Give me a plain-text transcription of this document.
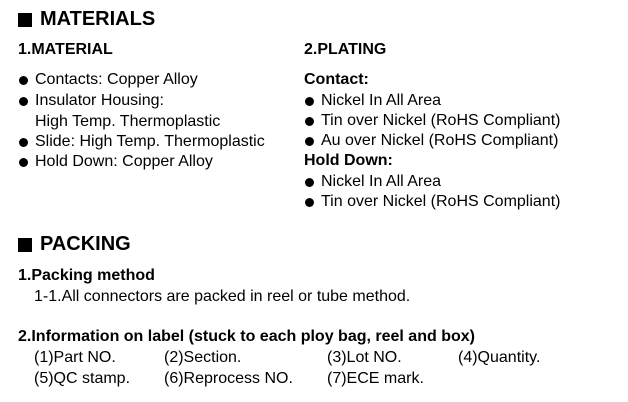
MATERIALS
1.MATERIAL
Contacts: Copper Alloy
Insulator Housing:
High Temp. Thermoplastic
Slide: High Temp. Thermoplastic
Hold Down: Copper Alloy
2.PLATING
Contact:
Nickel In All Area
Tin over Nickel (RoHS Compliant)
Au over Nickel (RoHS Compliant)
Hold Down:
Nickel In All Area
Tin over Nickel (RoHS Compliant)
PACKING
1.Packing method
1-1.All connectors are packed in reel or tube method.
2.Information on label (stuck to each ploy bag, reel and box)
(1)Part NO.	(2)Section.	(3)Lot NO.	(4)Quantity.
(5)QC stamp. (6)Reprocess NO. (7)ECE mark.
